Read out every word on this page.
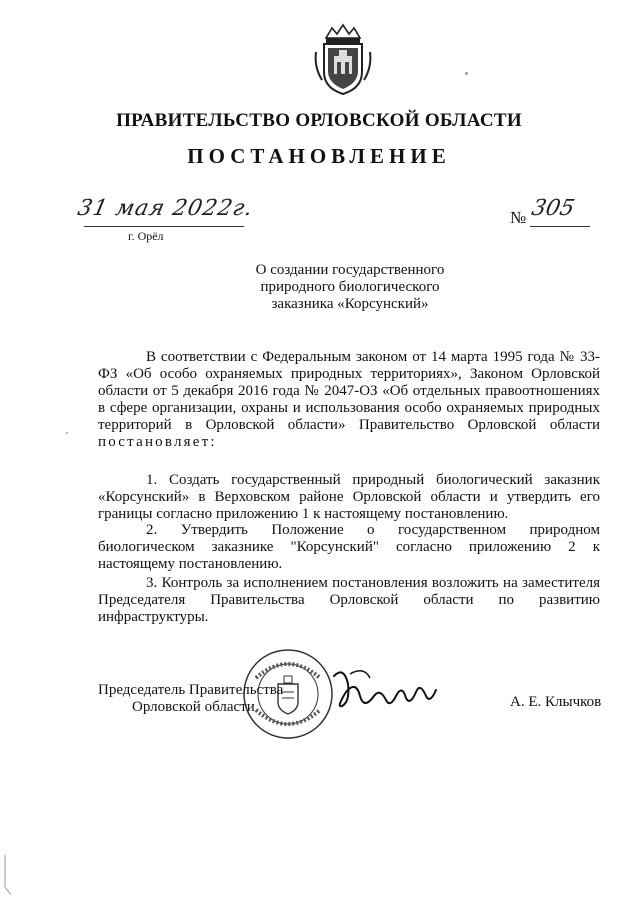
ПРАВИТЕЛЬСТВО ОРЛОВСКОЙ ОБЛАСТИ
ПОСТАНОВЛЕНИЕ
31 мая 2022г.
г. Орёл
№ 305
О создании государственного
природного биологического
заказника «Корсунский»
В соответствии с Федеральным законом от 14 марта 1995 года № 33-ФЗ «Об особо охраняемых природных территориях», Законом Орловской области от 5 декабря 2016 года № 2047-ОЗ «Об отдельных правоотношениях в сфере организации, охраны и использования особо охраняемых природных территорий в Орловской области» Правительство Орловской области постановляет:
1. Создать государственный природный биологический заказник «Корсунский» в Верховском районе Орловской области и утвердить его границы согласно приложению 1 к настоящему постановлению.
2. Утвердить Положение о государственном природном биологическом заказнике "Корсунский" согласно приложению 2 к настоящему постановлению.
3. Контроль за исполнением постановления возложить на заместителя Председателя Правительства Орловской области по развитию инфраструктуры.
Председатель Правительства
Орловской области	А. Е. Клычков
